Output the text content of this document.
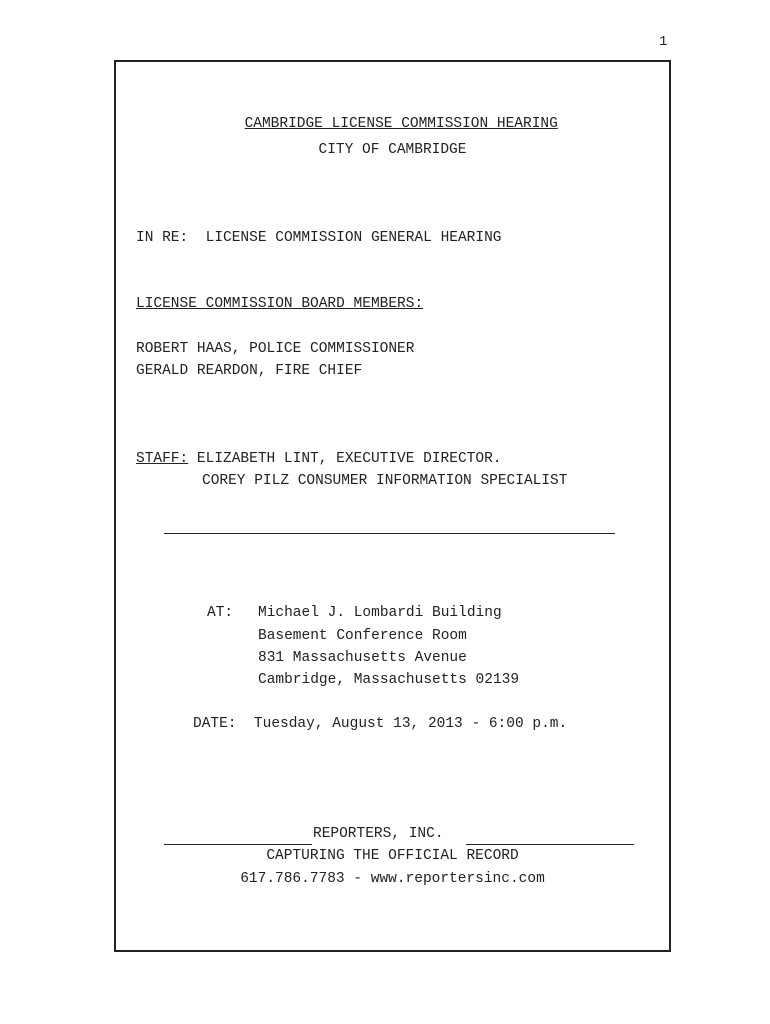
1

CAMBRIDGE LICENSE COMMISSION HEARING

CITY OF CAMBRIDGE
IN RE: LICENSE COMMISSION GENERAL HEARING
LICENSE COMMISSION BOARD MEMBERS:
ROBERT HAAS, POLICE COMMISSIONER
GERALD REARDON, FIRE CHIEF
STAFF: ELIZABETH LINT, EXECUTIVE DIRECTOR.
COREY PILZ CONSUMER INFORMATION SPECIALIST
AT: Michael J. Lombardi Building
Basement Conference Room
831 Massachusetts Avenue
Cambridge, Massachusetts 02139
DATE: Tuesday, August 13, 2013 - 6:00 p.m.
REPORTERS, INC.
CAPTURING THE OFFICIAL RECORD
617.786.7783 - www.reportersinc.com
